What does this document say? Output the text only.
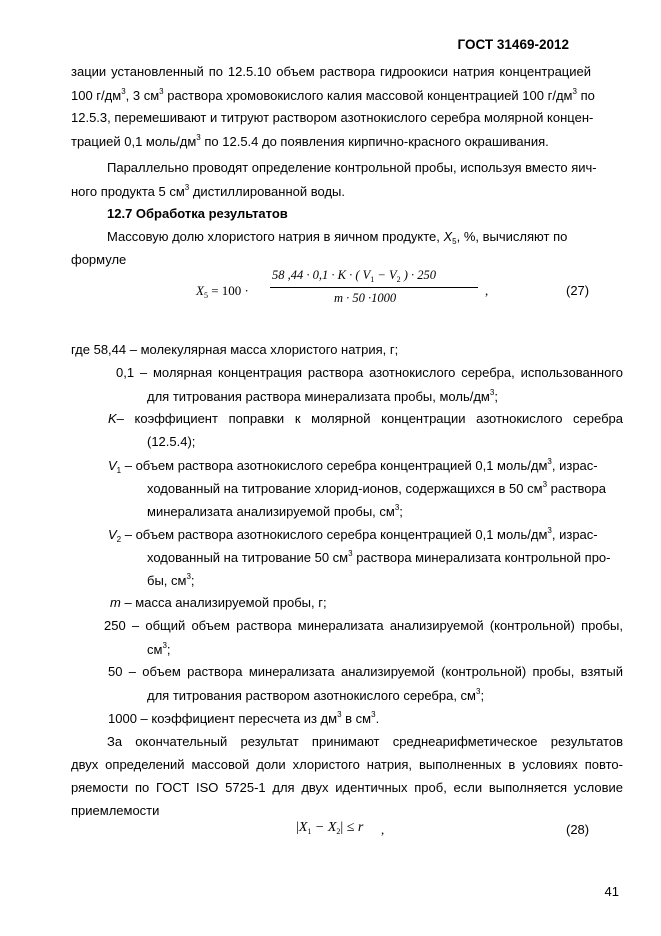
ГОСТ 31469-2012
зации установленный по 12.5.10 объем раствора гидроокиси натрия концентрацией
100 $г/дм^3$, 3 $см^3$ раствора хромовокислого калия массовой концентрацией 100 $г/дм^3$ по
12.5.3, перемешивают и титруют раствором азотнокислого серебра молярной концен-
трацией 0,1 моль/$дм^3$ по 12.5.4 до появления кирпично-красного окрашивания.
Параллельно проводят определение контрольной пробы, используя вместо яич-
ного продукта 5 $см^3$ дистиллированной воды.
12.7 Обработка результатов
Массовую долю хлористого натрия в яичном продукте, $X_5$, %, вычисляют по
формуле
$X_5 = 100$ ·
58 ,44 · 0,1 · K · ( $V_1 - V_2$ ) · 250
m · 50 ·1000	,	(27)
где 58,44 – молекулярная масса хлористого натрия, г;
0,1 – молярная концентрация раствора азотнокислого серебра, использованного
для титрования раствора минерализата пробы, моль/$дм^3$;
K – коэффициент поправки к молярной концентрации азотнокислого серебра
(12.5.4);
$V_1$ – объем раствора азотнокислого серебра концентрацией 0,1 моль/$дм^3$, израс-
ходованный на титрование хлорид-ионов, содержащихся в 50 $см^3$ раствора
минерализата анализируемой пробы, $см^3$;
$V_2$ – объем раствора азотнокислого серебра концентрацией 0,1 моль/$дм^3$, израс-
ходованный на титрование 50 $см^3$ раствора минерализата контрольной про-
бы, $см^3$;
m – масса анализируемой пробы, г;
250 – общий объем раствора минерализата анализируемой (контрольной) пробы,
$см^3$;
50 – объем раствора минерализата анализируемой (контрольной) пробы, взятый
для титрования раствором азотнокислого серебра, $см^3$;
1000 – коэффициент пересчета из $дм^3$ в $см^3$.
За окончательный результат принимают среднеарифметическое результатов
двух определений массовой доли хлористого натрия, выполненных в условиях повто-
ряемости по ГОСТ ISO 5725-1 для двух идентичных проб, если выполняется условие
приемлемости
$|X_1 - X_2| \le r$ ,	(28)
41
